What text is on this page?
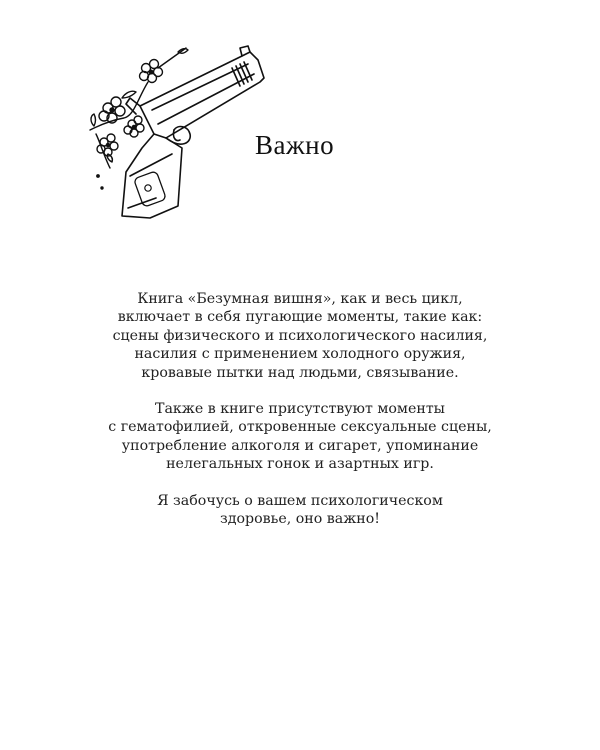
Важно

Книга «Безумная вишня», как и весь цикл,
включает в себя пугающие моменты, такие как:
сцены физического и психологического насилия,
насилия с применением холодного оружия,
кровавые пытки над людьми, связывание.

Также в книге присутствуют моменты
с гематофилией, откровенные сексуальные сцены,
употребление алкоголя и сигарет, упоминание
нелегальных гонок и азартных игр.

Я забочусь о вашем психологическом
здоровье, оно важно!
